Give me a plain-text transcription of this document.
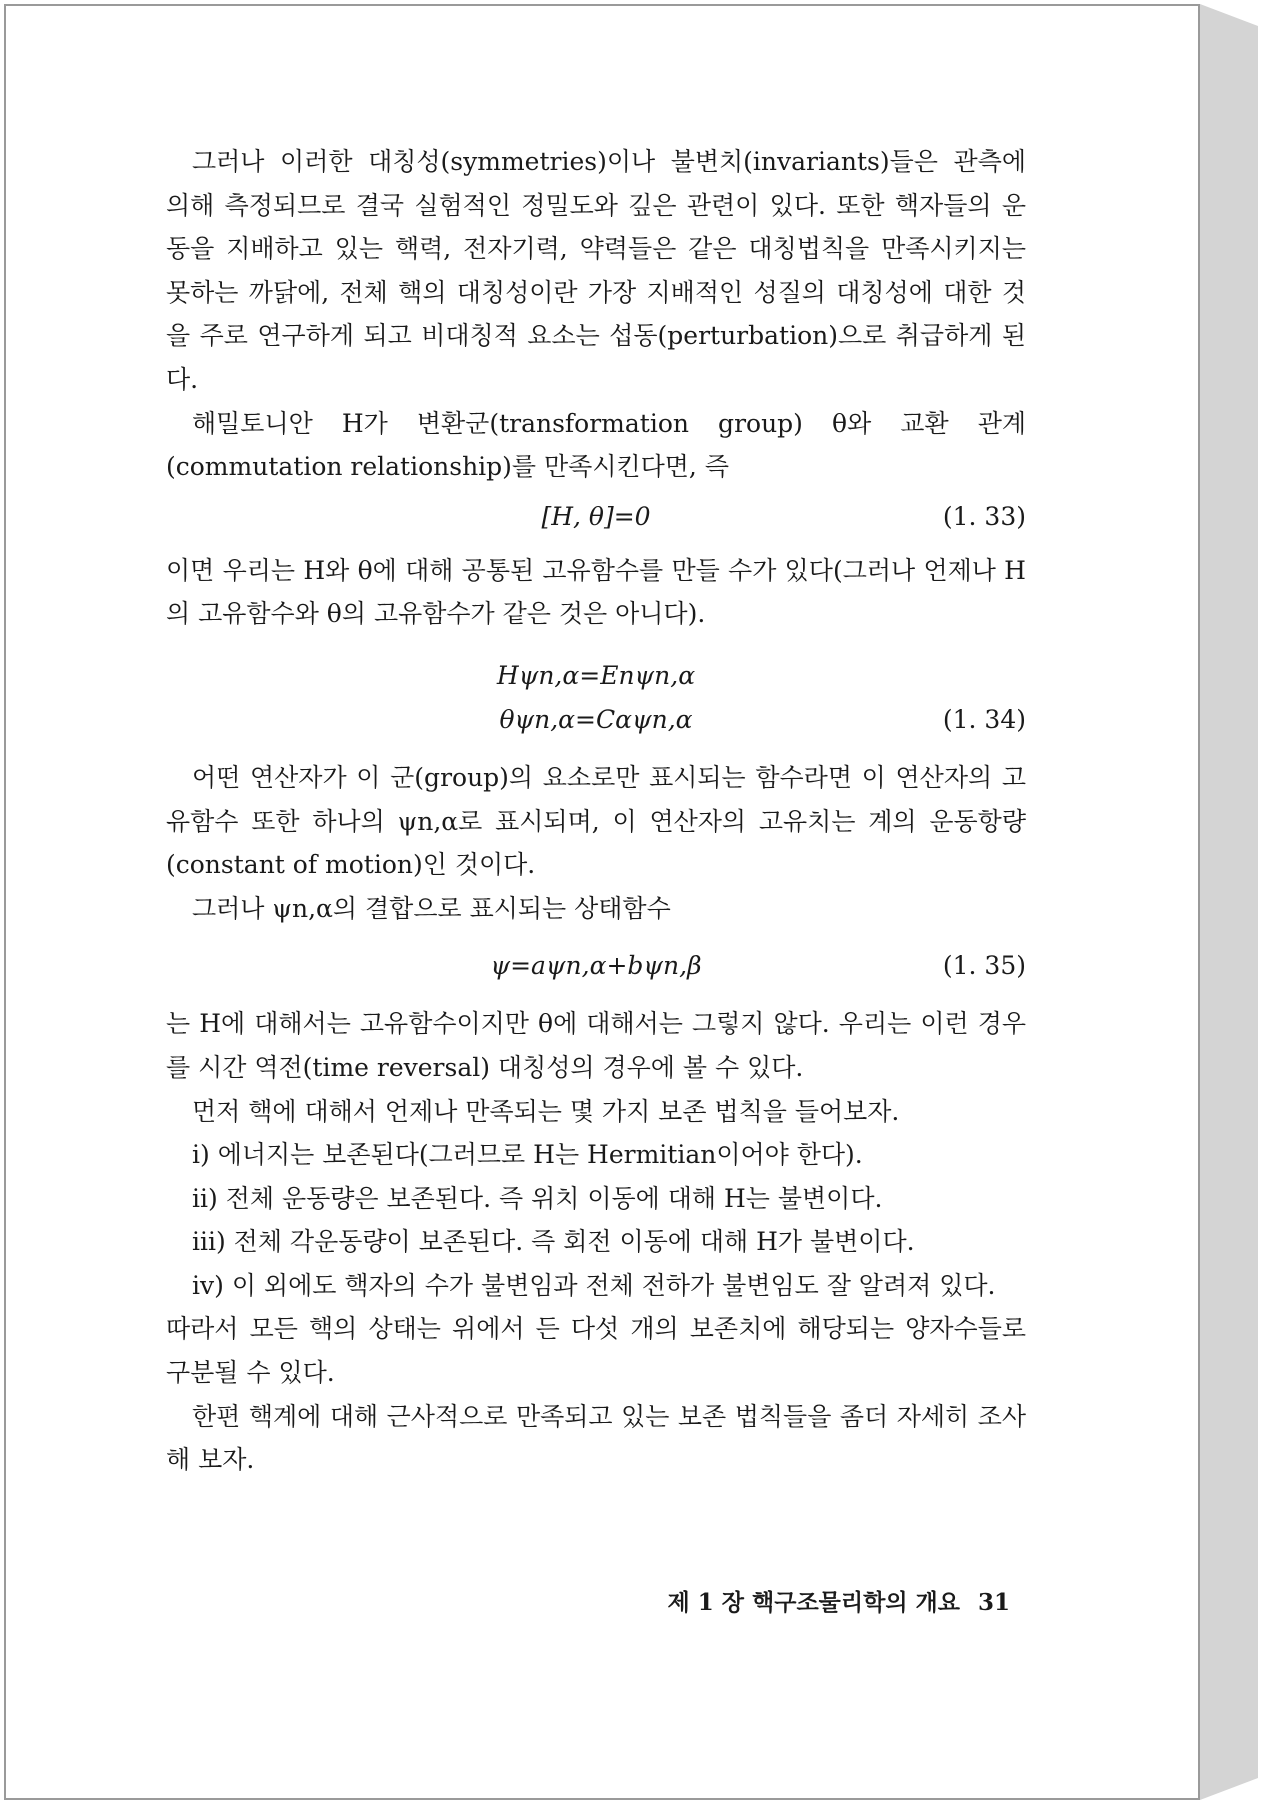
그러나 이러한 대칭성(symmetries)이나 불변치(invariants)들은 관측에 의해 측정되므로 결국 실험적인 정밀도와 깊은 관련이 있다. 또한 핵자들의 운동을 지배하고 있는 핵력, 전자기력, 약력들은 같은 대칭법칙을 만족시키지는 못하는 까닭에, 전체 핵의 대칭성이란 가장 지배적인 성질의 대칭성에 대한 것을 주로 연구하게 되고 비대칭적 요소는 섭동(perturbation)으로 취급하게 된다.

해밀토니안 H가 변환군(transformation group) θ와 교환 관계(commutation relationship)를 만족시킨다면, 즉

[H, θ]=0	(1. 33)

이면 우리는 H와 θ에 대해 공통된 고유함수를 만들 수가 있다(그러나 언제나 H의 고유함수와 θ의 고유함수가 같은 것은 아니다).

Hψn,α=Enψn,α
θψn,α=Cαψn,α	(1. 34)

어떤 연산자가 이 군(group)의 요소로만 표시되는 함수라면 이 연산자의 고유함수 또한 하나의 ψn,α로 표시되며, 이 연산자의 고유치는 계의 운동항량(constant of motion)인 것이다.

그러나 ψn,α의 결합으로 표시되는 상태함수

ψ=aψn,α+bψn,β	(1. 35)

는 H에 대해서는 고유함수이지만 θ에 대해서는 그렇지 않다. 우리는 이런 경우를 시간 역전(time reversal) 대칭성의 경우에 볼 수 있다.

먼저 핵에 대해서 언제나 만족되는 몇 가지 보존 법칙을 들어보자.

i) 에너지는 보존된다(그러므로 H는 Hermitian이어야 한다).

ii) 전체 운동량은 보존된다. 즉 위치 이동에 대해 H는 불변이다.

iii) 전체 각운동량이 보존된다. 즉 회전 이동에 대해 H가 불변이다.

iv) 이 외에도 핵자의 수가 불변임과 전체 전하가 불변임도 잘 알려져 있다.

따라서 모든 핵의 상태는 위에서 든 다섯 개의 보존치에 해당되는 양자수들로 구분될 수 있다.

한편 핵계에 대해 근사적으로 만족되고 있는 보존 법칙들을 좀더 자세히 조사해 보자.

제 1 장 핵구조물리학의 개요 31
